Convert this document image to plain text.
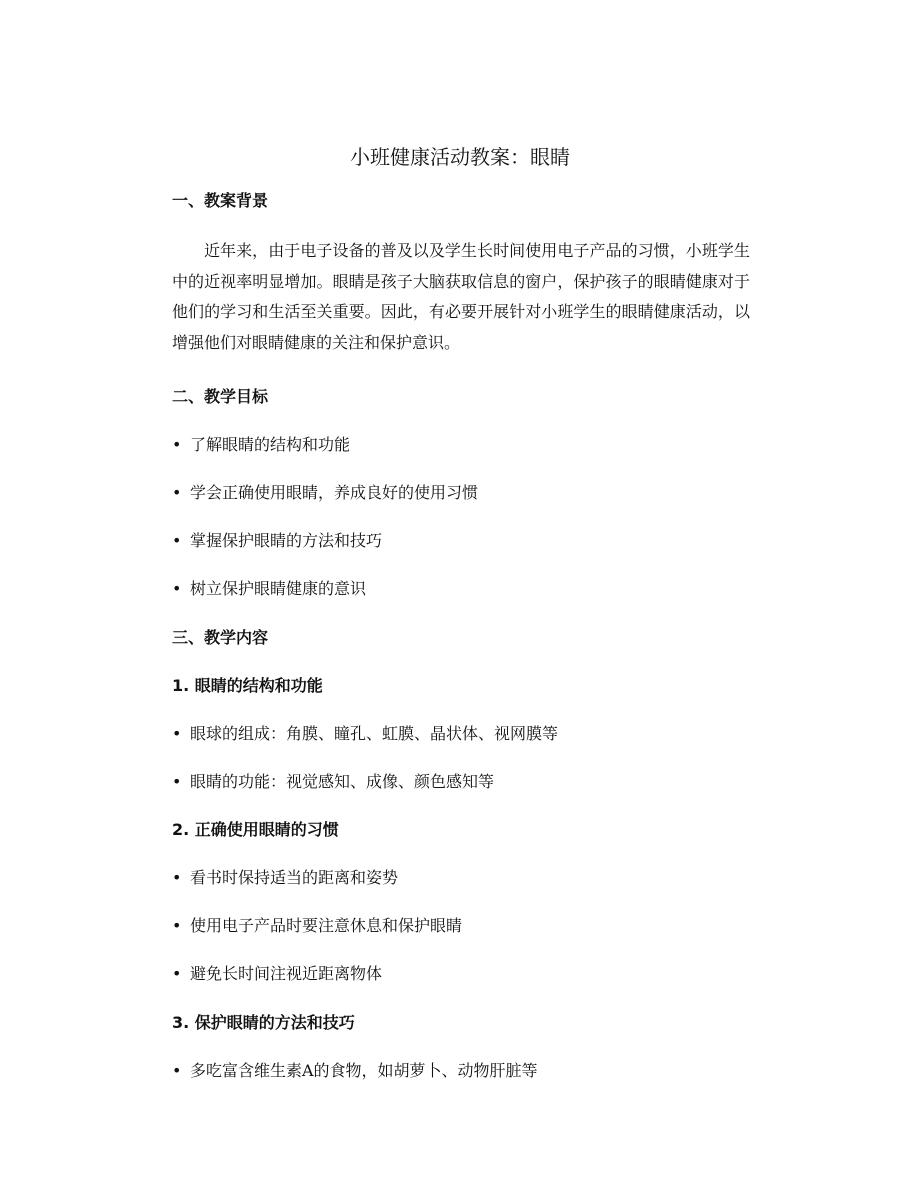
小班健康活动教案：眼睛
一、教案背景
近年来，由于电子设备的普及以及学生长时间使用电子产品的习惯，小班学生中的近视率明显增加。眼睛是孩子大脑获取信息的窗户，保护孩子的眼睛健康对于他们的学习和生活至关重要。因此，有必要开展针对小班学生的眼睛健康活动，以增强他们对眼睛健康的关注和保护意识。
二、教学目标
• 了解眼睛的结构和功能
• 学会正确使用眼睛，养成良好的使用习惯
• 掌握保护眼睛的方法和技巧
• 树立保护眼睛健康的意识
三、教学内容
1. 眼睛的结构和功能
• 眼球的组成：角膜、瞳孔、虹膜、晶状体、视网膜等
• 眼睛的功能：视觉感知、成像、颜色感知等
2. 正确使用眼睛的习惯
• 看书时保持适当的距离和姿势
• 使用电子产品时要注意休息和保护眼睛
• 避免长时间注视近距离物体
3. 保护眼睛的方法和技巧
• 多吃富含维生素A的食物，如胡萝卜、动物肝脏等
